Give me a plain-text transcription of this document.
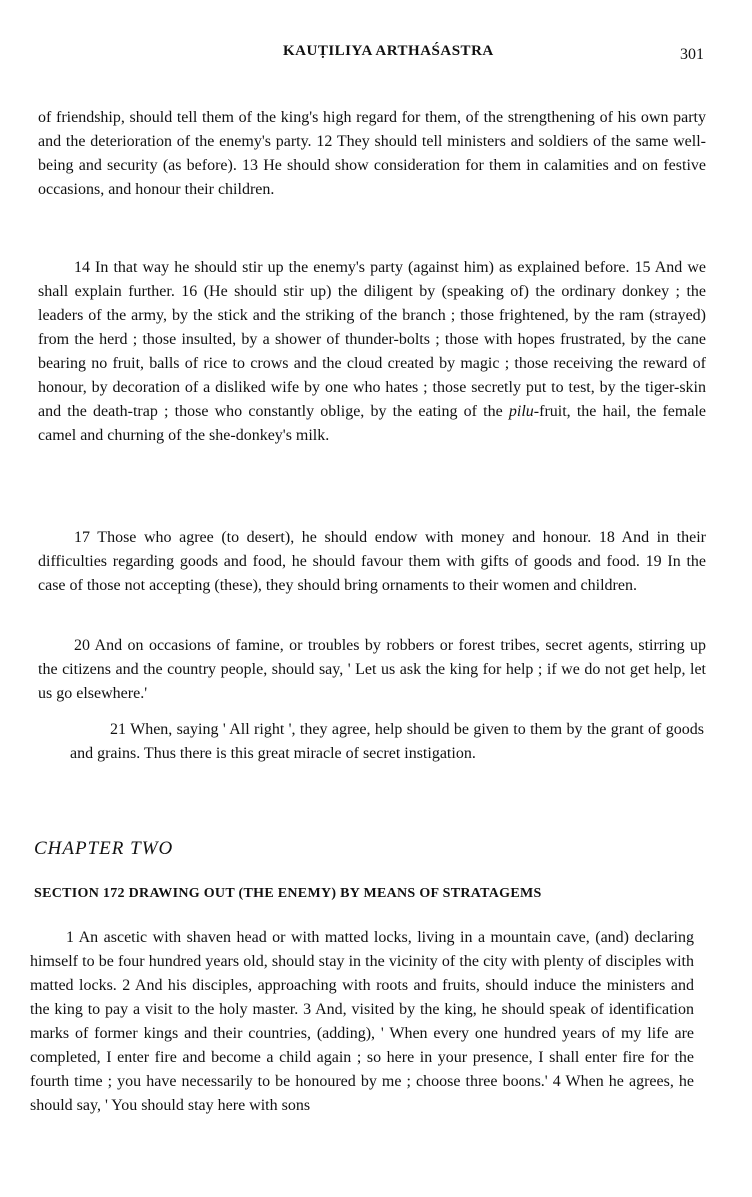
KAUṬILIYA ARTHAŚASTRA	301

of friendship, should tell them of the king's high regard for them, of the strengthening of his own party and the deterioration of the enemy's party. 12 They should tell ministers and soldiers of the same well-being and security (as before). 13 He should show consideration for them in calamities and on festive occasions, and honour their children.

14 In that way he should stir up the enemy's party (against him) as explained before. 15 And we shall explain further. 16 (He should stir up) the diligent by (speaking of) the ordinary donkey ; the leaders of the army, by the stick and the striking of the branch ; those frightened, by the ram (strayed) from the herd ; those insulted, by a shower of thunder-bolts ; those with hopes frustrated, by the cane bearing no fruit, balls of rice to crows and the cloud created by magic ; those receiving the reward of honour, by decoration of a disliked wife by one who hates ; those secretly put to test, by the tiger-skin and the death-trap ; those who constantly oblige, by the eating of the pilu-fruit, the hail, the female camel and churning of the she-donkey's milk.

17 Those who agree (to desert), he should endow with money and honour. 18 And in their difficulties regarding goods and food, he should favour them with gifts of goods and food. 19 In the case of those not accepting (these), they should bring ornaments to their women and children.

20 And on occasions of famine, or troubles by robbers or forest tribes, secret agents, stirring up the citizens and the country people, should say, ' Let us ask the king for help ; if we do not get help, let us go elsewhere.'

21 When, saying ' All right ', they agree, help should be given to them by the grant of goods and grains. Thus there is this great miracle of secret instigation.

CHAPTER TWO
SECTION 172 DRAWING OUT (THE ENEMY) BY MEANS OF STRATAGEMS

1 An ascetic with shaven head or with matted locks, living in a mountain cave, (and) declaring himself to be four hundred years old, should stay in the vicinity of the city with plenty of disciples with matted locks. 2 And his disciples, approaching with roots and fruits, should induce the ministers and the king to pay a visit to the holy master. 3 And, visited by the king, he should speak of identification marks of former kings and their countries, (adding), ' When every one hundred years of my life are completed, I enter fire and become a child again ; so here in your presence, I shall enter fire for the fourth time ; you have necessarily to be honoured by me ; choose three boons.' 4 When he agrees, he should say, ' You should stay here with sons
